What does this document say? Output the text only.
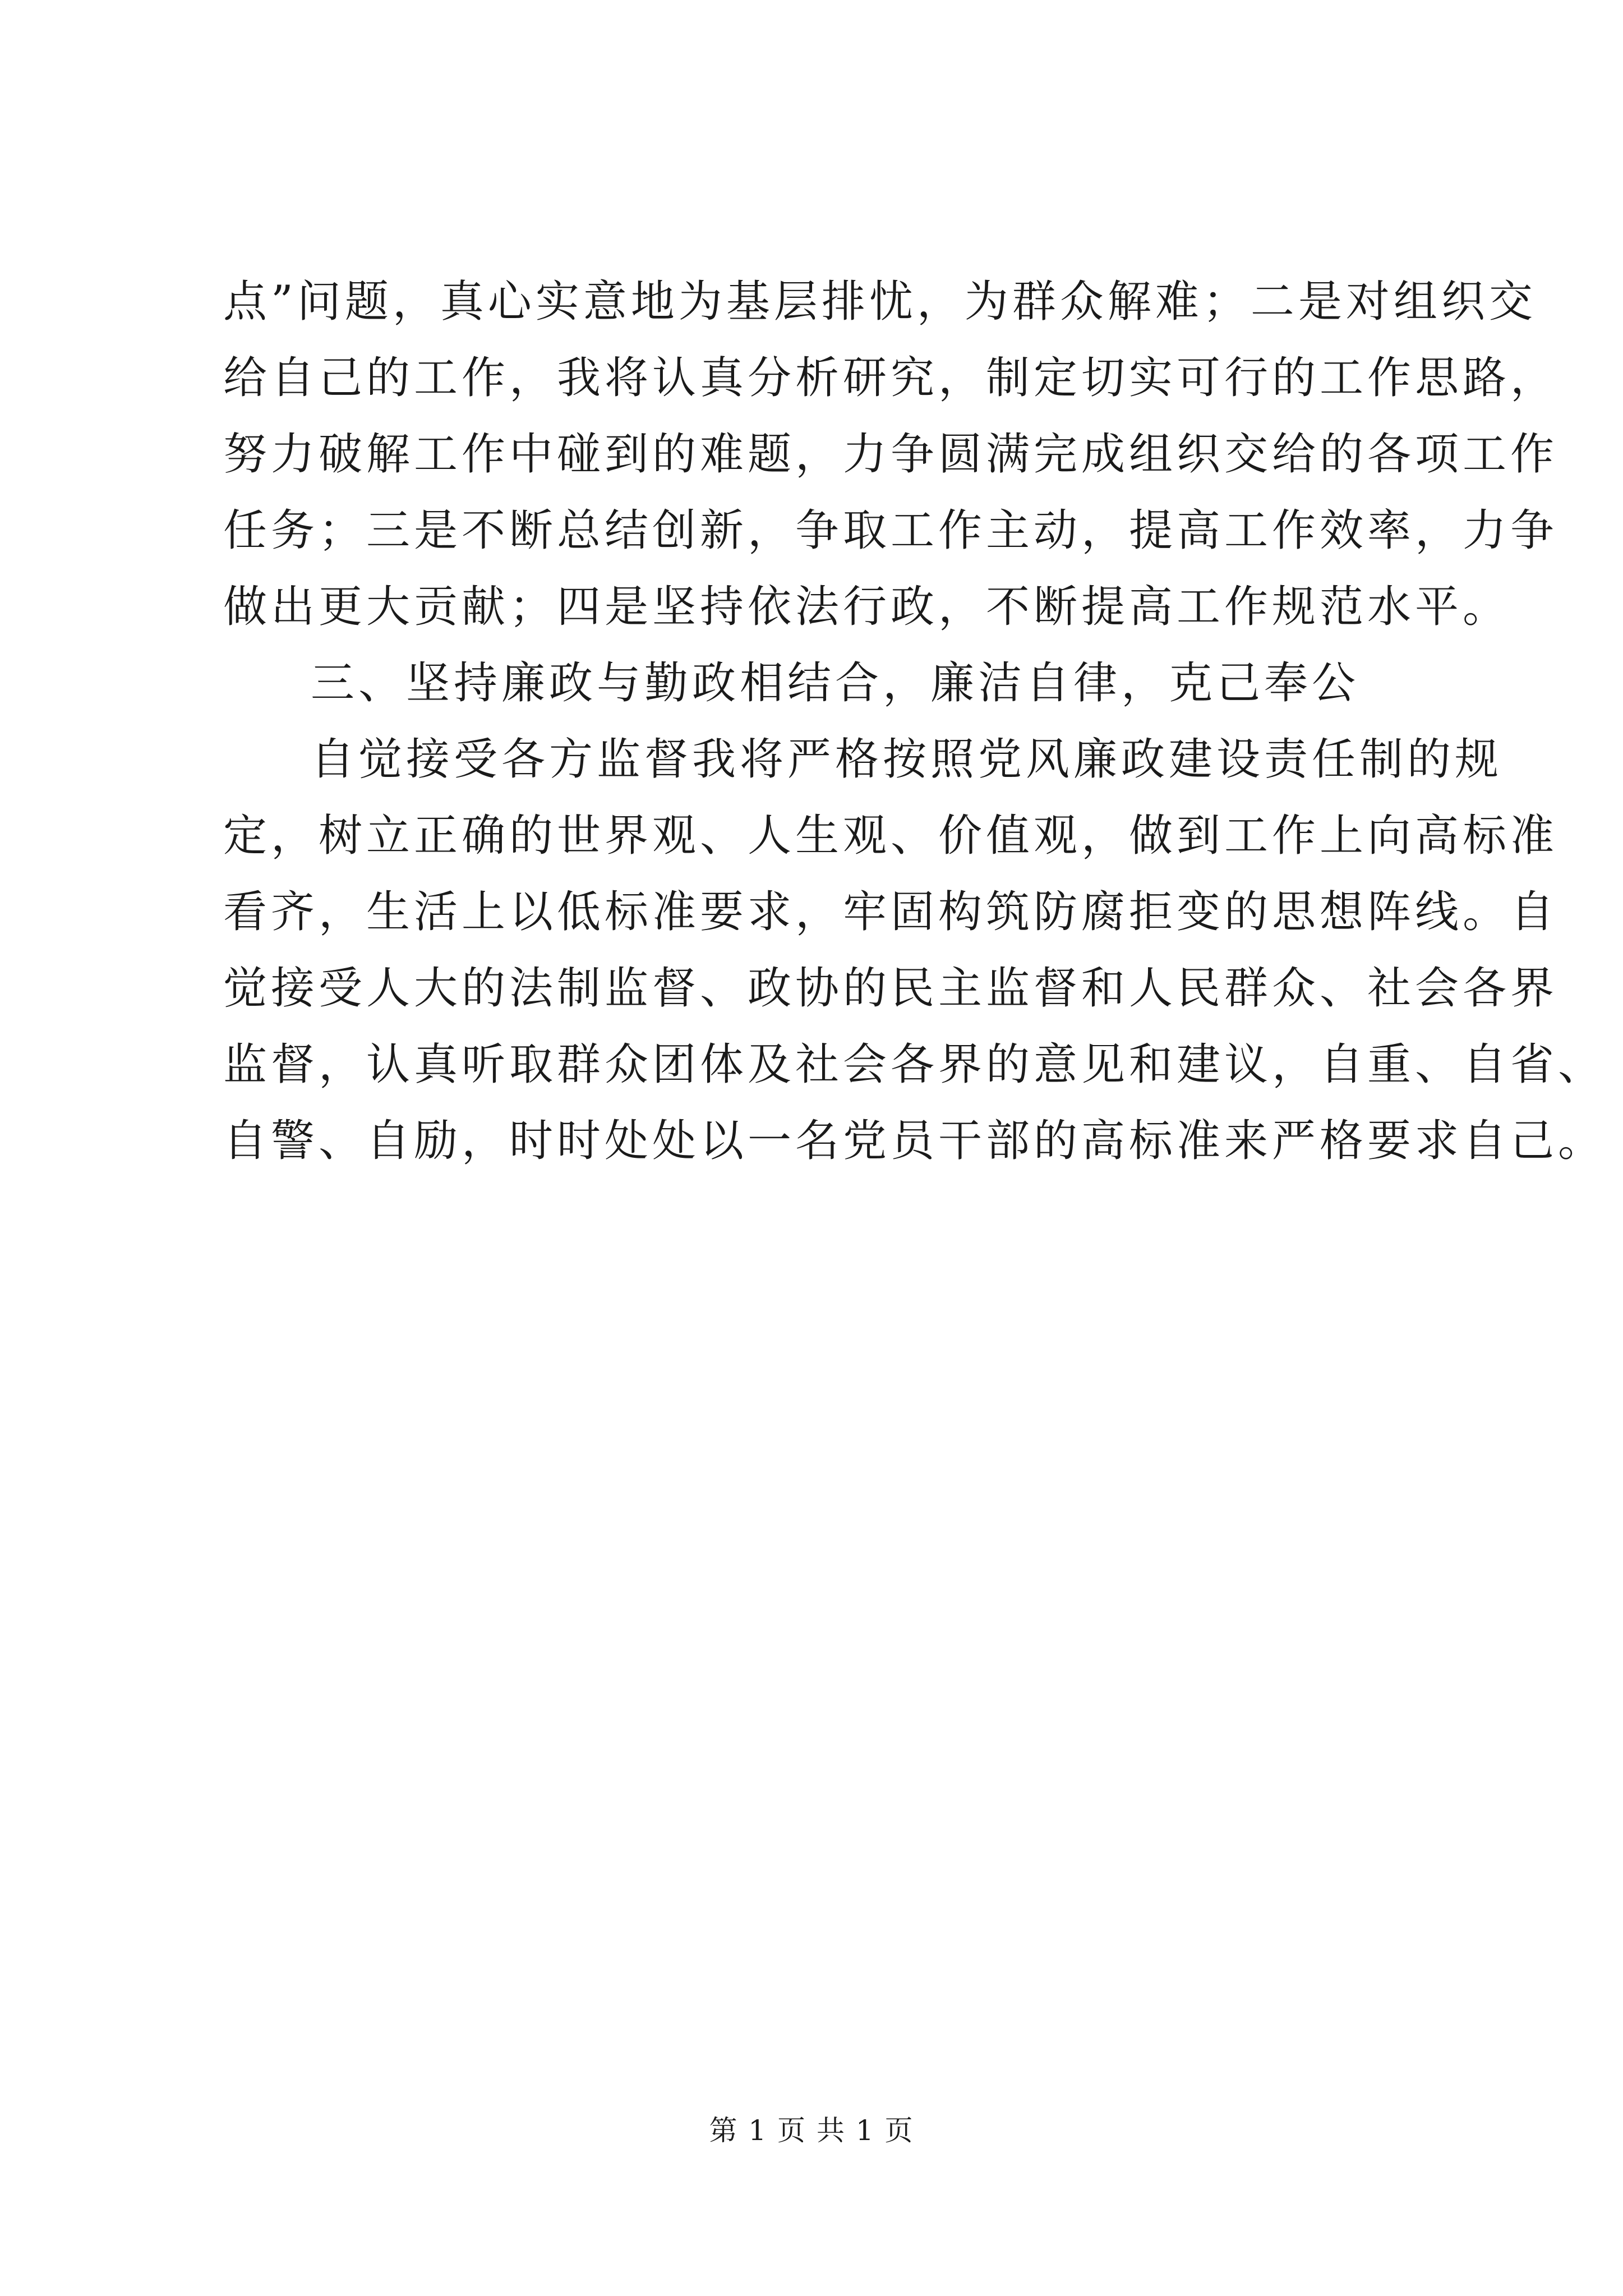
点”问题，真心实意地为基层排忧，为群众解难；二是对组织交
给自己的工作，我将认真分析研究，制定切实可行的工作思路，
努力破解工作中碰到的难题，力争圆满完成组织交给的各项工作
任务；三是不断总结创新，争取工作主动，提高工作效率，力争
做出更大贡献；四是坚持依法行政，不断提高工作规范水平。
三、坚持廉政与勤政相结合，廉洁自律，克己奉公
自觉接受各方监督我将严格按照党风廉政建设责任制的规
定，树立正确的世界观、人生观、价值观，做到工作上向高标准
看齐，生活上以低标准要求，牢固构筑防腐拒变的思想阵线。自
觉接受人大的法制监督、政协的民主监督和人民群众、社会各界
监督，认真听取群众团体及社会各界的意见和建议，自重、自省、
自警、自励，时时处处以一名党员干部的高标准来严格要求自己。
第 1 页 共 1 页
